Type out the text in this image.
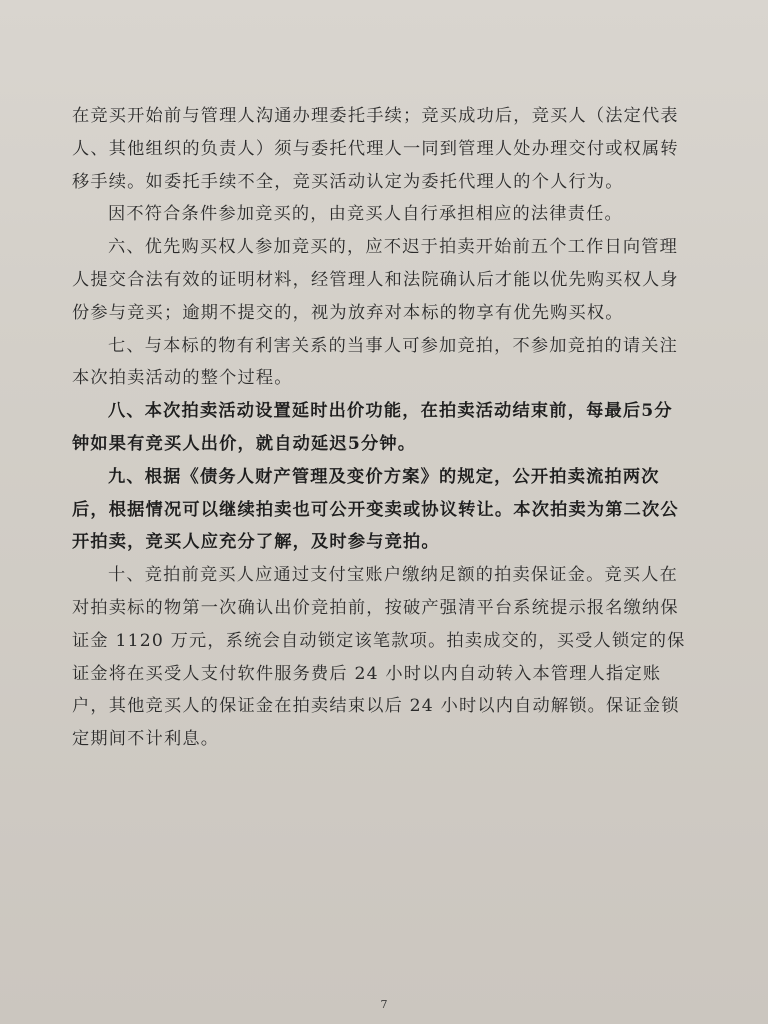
在竞买开始前与管理人沟通办理委托手续；竞买成功后，竞买人（法定代表人、其他组织的负责人）须与委托代理人一同到管理人处办理交付或权属转移手续。如委托手续不全，竞买活动认定为委托代理人的个人行为。

因不符合条件参加竞买的，由竞买人自行承担相应的法律责任。

六、优先购买权人参加竞买的，应不迟于拍卖开始前五个工作日向管理人提交合法有效的证明材料，经管理人和法院确认后才能以优先购买权人身份参与竞买；逾期不提交的，视为放弃对本标的物享有优先购买权。

七、与本标的物有利害关系的当事人可参加竞拍，不参加竞拍的请关注本次拍卖活动的整个过程。

八、本次拍卖活动设置延时出价功能，在拍卖活动结束前，每最后5分钟如果有竞买人出价，就自动延迟5分钟。

九、根据《债务人财产管理及变价方案》的规定，公开拍卖流拍两次后，根据情况可以继续拍卖也可公开变卖或协议转让。本次拍卖为第二次公开拍卖，竞买人应充分了解，及时参与竞拍。

十、竞拍前竞买人应通过支付宝账户缴纳足额的拍卖保证金。竞买人在对拍卖标的物第一次确认出价竞拍前，按破产强清平台系统提示报名缴纳保证金 1120 万元，系统会自动锁定该笔款项。拍卖成交的，买受人锁定的保证金将在买受人支付软件服务费后 24 小时以内自动转入本管理人指定账户，其他竞买人的保证金在拍卖结束以后 24 小时以内自动解锁。保证金锁定期间不计利息。

7
